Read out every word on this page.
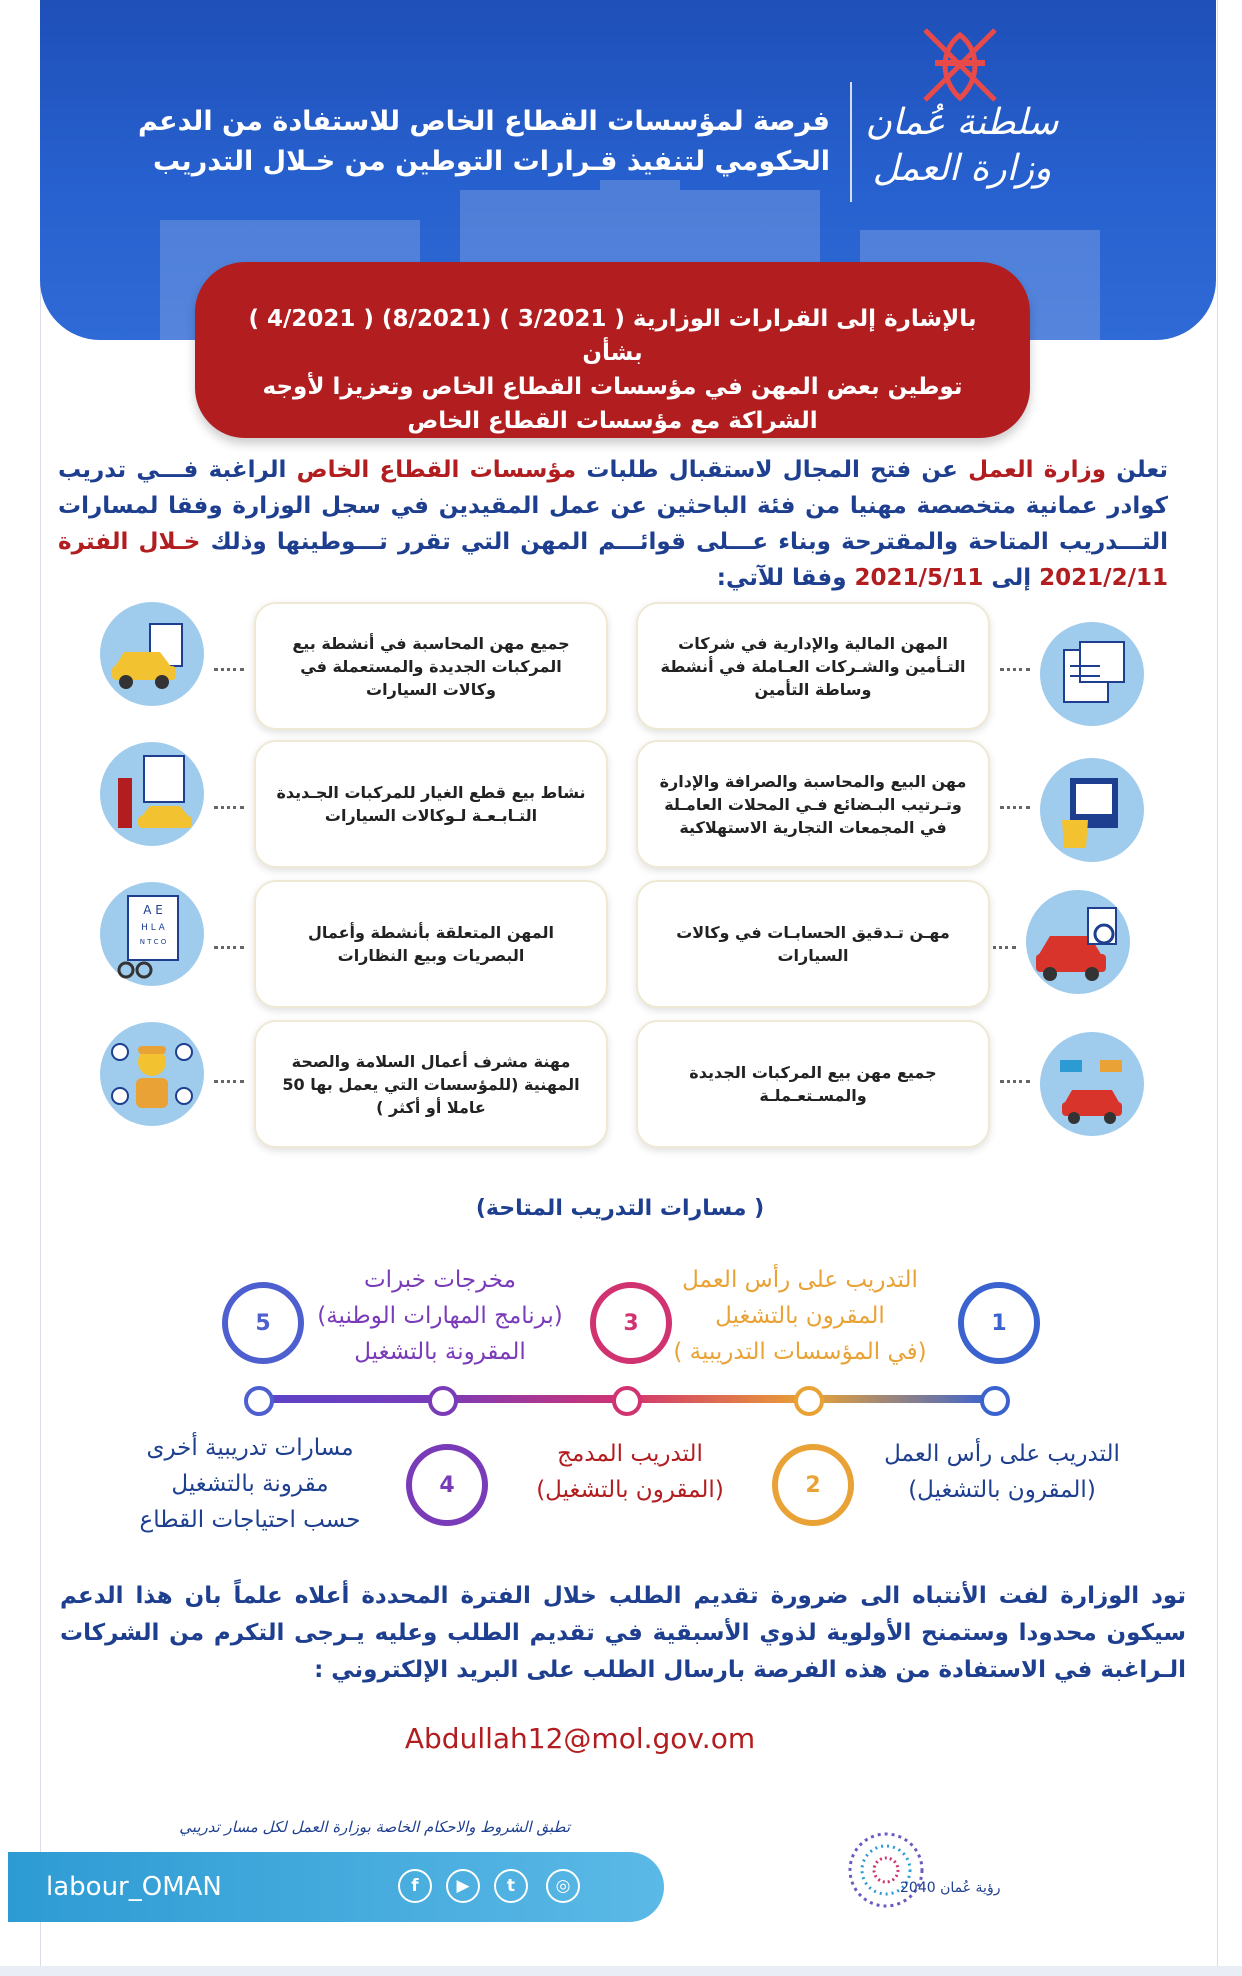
سلطنة عُمان
وزارة العمل
فرصة لمؤسسات القطاع الخاص للاستفادة من الدعم
الحكومي لتنفيذ قـرارات التوطين من خـلال التدريب

بالإشارة إلى القرارات الوزارية ( 3/2021 ) (8/2021) ( 4/2021 ) بشأن
توطين بعض المهن في مؤسسات القطاع الخاص وتعزيزا لأوجه
الشراكة مع مؤسسات القطاع الخاص

تعلن وزارة العمل عن فتح المجال لاستقبال طلبات مؤسسات القطاع الخاص الراغبة فـــي تدريب كوادر عمانية متخصصة مهنيا من فئة الباحثين عن عمل المقيدين في سجل الوزارة وفقا لمسارات التـــدريب المتاحة والمقترحة وبناء عـــلى قوائـــم المهن التي تقرر تـــوطينها وذلك خـلال الفترة 2021/2/11 إلى 2021/5/11 وفقا للآتي:
المهن المالية والإدارية في شركات التـأمين والشـركات العـاملة في أنشطة وساطة التأمين
جميع مهن المحاسبة في أنشطة بيع المركبات الجديدة والمستعملة في وكالات السيارات
مهن البيع والمحاسبة والصرافة والإدارة وتـرتيب البـضائع فـي المحلات العامـلة في المجمعات التجارية الاستهلاكية
نشاط بيع قطع الغيار للمركبات الجـديدة التـابـعـة لـوكالات السيارات
مهـن تـدقيق الحسابـات في وكالات السيارات
المهن المتعلقة بأنشطة وأعمال البصريات وبيع النظارات
A E
H L A
N T C O
جميع مهن بيع المركبات الجديدة والمسـتعـملـة
مهنة مشرف أعمال السلامة والصحة المهنية (للمؤسسات التي يعمل بها 50 عاملا أو أكثر )
( مسارات التدريب المتاحة)
1
3
5
2
4
التدريب على رأس العمل
المقرون بالتشغيل
(في المؤسسات التدريبية )
مخرجات خبرات
(برنامج المهارات الوطنية)
المقرونة بالتشغيل
التدريب على رأس العمل
(المقرون بالتشغيل)
التدريب المدمج
(المقرون بالتشغيل)
مسارات تدريبية أخرى
مقرونة بالتشغيل
حسب احتياجات القطاع
تود الوزارة لفت الأنتباه الى ضرورة تقديم الطلب خلال الفترة المحددة أعلاه علماً بان هذا الدعم سيكون محدودا وستمنح الأولوية لذوي الأسبقية في تقديم الطلب وعليه يـرجى التكرم من الشركات الـراغبة في الاستفادة من هذه الفرصة بارسال الطلب على البريد الإلكتروني :
Abdullah12@mol.gov.om
تطبق الشروط والاحكام الخاصة بوزارة العمل لكل مسار تدريبي
labour_OMAN	f	▶	t	◎	رؤية عُمان 2040
